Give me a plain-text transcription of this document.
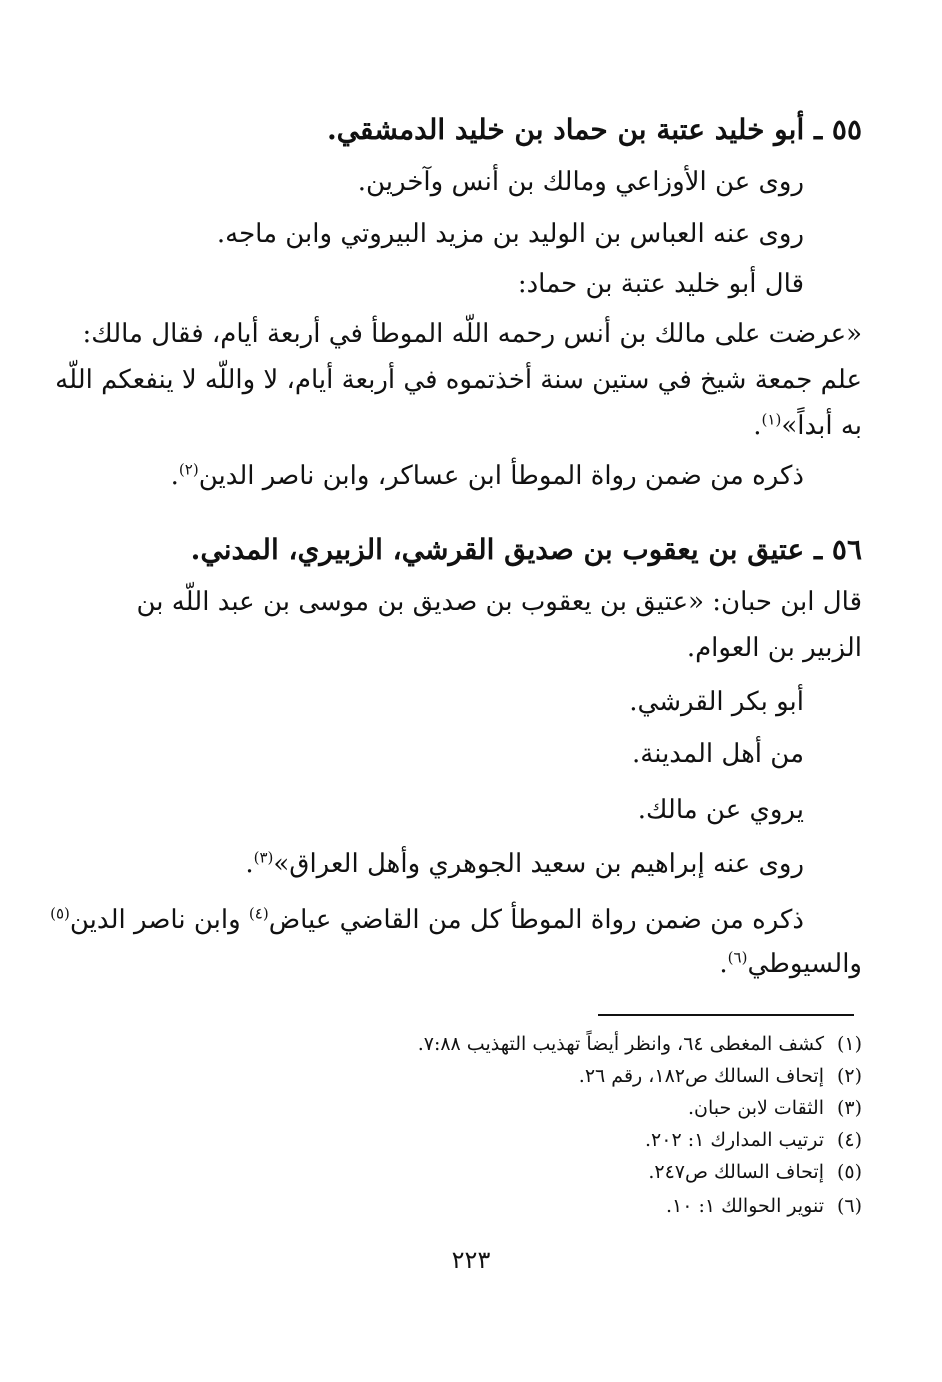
٥٥ ـ أبو خليد عتبة بن حماد بن خليد الدمشقي.
روى عن الأوزاعي ومالك بن أنس وآخرين.
روى عنه العباس بن الوليد بن مزيد البيروتي وابن ماجه.
قال أبو خليد عتبة بن حماد:
«عرضت على مالك بن أنس رحمه اللّه الموطأ في أربعة أيام، فقال مالك:
علم جمعة شيخ في ستين سنة أخذتموه في أربعة أيام، لا واللّه لا ينفعكم اللّه
به أبداً»$^{(١)}$.
ذكره من ضمن رواة الموطأ ابن عساكر، وابن ناصر الدين$^{(٢)}$.
٥٦ ـ عتيق بن يعقوب بن صديق القرشي، الزبيري، المدني.
قال ابن حبان: «عتيق بن يعقوب بن صديق بن موسى بن عبد اللّه بن
الزبير بن العوام.
أبو بكر القرشي.
من أهل المدينة.
يروي عن مالك.
روى عنه إبراهيم بن سعيد الجوهري وأهل العراق»$^{(٣)}$.
ذكره من ضمن رواة الموطأ كل من القاضي عياض$^{(٤)}$ وابن ناصر الدين$^{(٥)}$
والسيوطي$^{(٦)}$.
(١)كشف المغطى ٦٤، وانظر أيضاً تهذيب التهذيب ٧:٨٨.
(٢)إتحاف السالك ص١٨٢، رقم ٢٦.
(٣)الثقات لابن حبان.
(٤)ترتيب المدارك ١: ٢٠٢.
(٥)إتحاف السالك ص٢٤٧.
(٦)تنوير الحوالك ١: ١٠.
٢٢٣
